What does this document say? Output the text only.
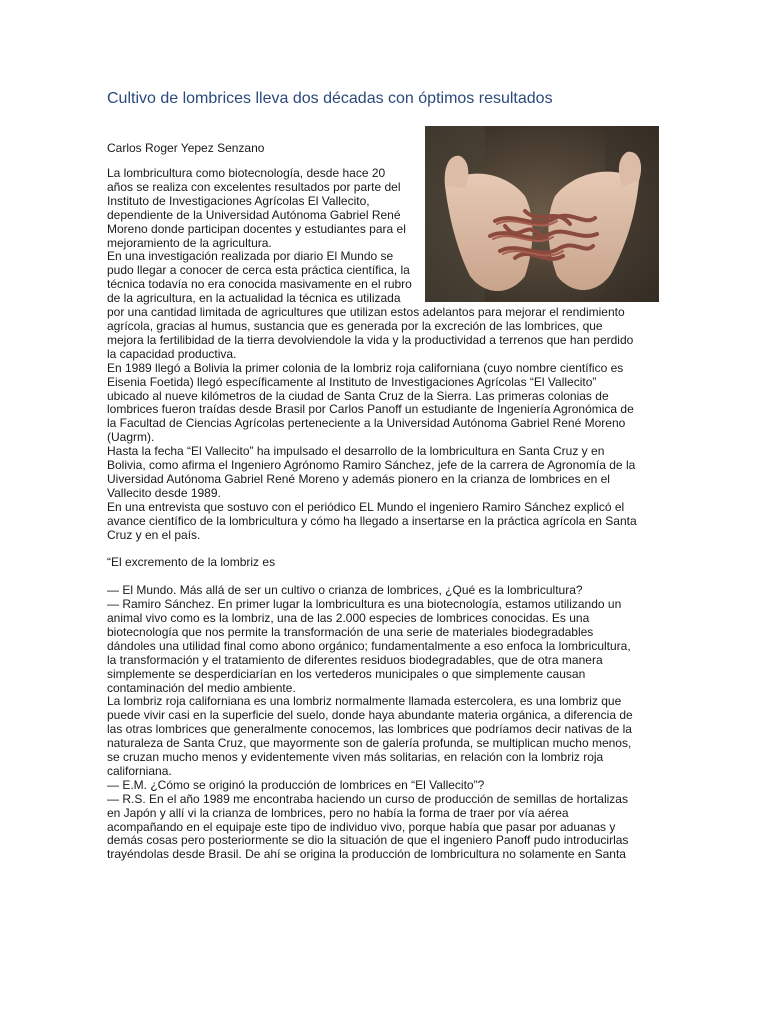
Cultivo de lombrices lleva dos décadas con óptimos resultados
Carlos Roger Yepez Senzano
La lombricultura como biotecnología, desde hace 20
años se realiza con excelentes resultados por parte del
Instituto de Investigaciones Agrícolas El Vallecito,
dependiente de la Universidad Autónoma Gabriel René
Moreno donde participan docentes y estudiantes para el
mejoramiento de la agricultura.
En una investigación realizada por diario El Mundo se
pudo llegar a conocer de cerca esta práctica científica, la
técnica todavía no era conocida masivamente en el rubro
de la agricultura, en la actualidad la técnica es utilizada
por una cantidad limitada de agricultures que utilizan estos adelantos para mejorar el rendimiento
agrícola, gracias al humus, sustancia que es generada por la excreción de las lombrices, que
mejora la fertilibidad de la tierra devolviendole la vida y la productividad a terrenos que han perdido
la capacidad productiva.
En 1989 llegó a Bolivia la primer colonia de la lombriz roja californiana (cuyo nombre científico es
Eisenia Foetida) llegó específicamente al Instituto de Investigaciones Agrícolas “El Vallecito”
ubicado al nueve kilómetros de la ciudad de Santa Cruz de la Sierra. Las primeras colonias de
lombrices fueron traídas desde Brasil por Carlos Panoff un estudiante de Ingeniería Agronómica de
la Facultad de Ciencias Agrícolas perteneciente a la Universidad Autónoma Gabriel René Moreno
(Uagrm).
Hasta la fecha “El Vallecito” ha impulsado el desarrollo de la lombricultura en Santa Cruz y en
Bolivia, como afirma el Ingeniero Agrónomo Ramiro Sánchez, jefe de la carrera de Agronomía de la
Uiversidad Autónoma Gabriel René Moreno y además pionero en la crianza de lombrices en el
Vallecito desde 1989.
En una entrevista que sostuvo con el periódico EL Mundo el ingeniero Ramiro Sánchez explicó el
avance científico de la lombricultura y cómo ha llegado a insertarse en la práctica agrícola en Santa
Cruz y en el país.
“El excremento de la lombriz es
— El Mundo. Más allá de ser un cultivo o crianza de lombrices, ¿Qué es la lombricultura?
— Ramiro Sánchez. En primer lugar la lombricultura es una biotecnología, estamos utilizando un
animal vivo como es la lombriz, una de las 2.000 especies de lombrices conocidas. Es una
biotecnología que nos permite la transformación de una serie de materiales biodegradables
dándoles una utilidad final como abono orgánico; fundamentalmente a eso enfoca la lombricultura,
la transformación y el tratamiento de diferentes residuos biodegradables, que de otra manera
simplemente se desperdiciarían en los vertederos municipales o que simplemente causan
contaminación del medio ambiente.
La lombriz roja californiana es una lombriz normalmente llamada estercolera, es una lombriz que
puede vivir casi en la superficie del suelo, donde haya abundante materia orgánica, a diferencia de
las otras lombrices que generalmente conocemos, las lombrices que podríamos decir nativas de la
naturaleza de Santa Cruz, que mayormente son de galería profunda, se multiplican mucho menos,
se cruzan mucho menos y evidentemente viven más solitarias, en relación con la lombriz roja
californiana.
— E.M. ¿Cómo se originó la producción de lombrices en “El Vallecito”?
— R.S. En el año 1989 me encontraba haciendo un curso de producción de semillas de hortalizas
en Japón y allí vi la crianza de lombrices, pero no había la forma de traer por vía aérea
acompañando en el equipaje este tipo de individuo vivo, porque había que pasar por aduanas y
demás cosas pero posteriormente se dio la situación de que el ingeniero Panoff pudo introducirlas
trayéndolas desde Brasil. De ahí se origina la producción de lombricultura no solamente en Santa
